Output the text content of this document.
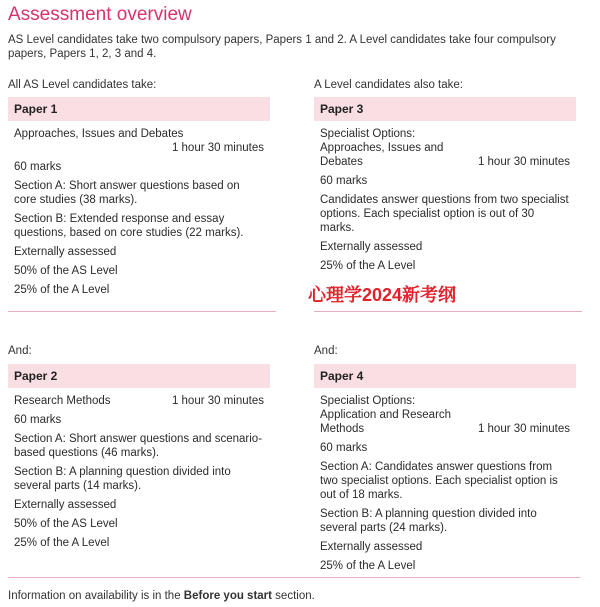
Assessment overview
AS Level candidates take two compulsory papers, Papers 1 and 2. A Level candidates take four compulsory papers, Papers 1, 2, 3 and 4.
All AS Level candidates take:	A Level candidates also take:
Paper 1
Approaches, Issues and Debates
1 hour 30 minutes
60 marks
Section A: Short answer questions based on core studies (38 marks).
Section B: Extended response and essay questions, based on core studies (22 marks).
Externally assessed
50% of the AS Level
25% of the A Level
Paper 3
Specialist Options: Approaches, Issues and Debates	1 hour 30 minutes
60 marks
Candidates answer questions from two specialist options. Each specialist option is out of 30 marks.
Externally assessed
25% of the A Level
心理学2024新考纲
And:	And:
Paper 2
Research Methods	1 hour 30 minutes
60 marks
Section A: Short answer questions and scenario-based questions (46 marks).
Section B: A planning question divided into several parts (14 marks).
Externally assessed
50% of the AS Level
25% of the A Level
Paper 4
Specialist Options: Application and Research Methods	1 hour 30 minutes
60 marks
Section A: Candidates answer questions from two specialist options. Each specialist option is out of 18 marks.
Section B: A planning question divided into several parts (24 marks).
Externally assessed
25% of the A Level
Information on availability is in the Before you start section.
